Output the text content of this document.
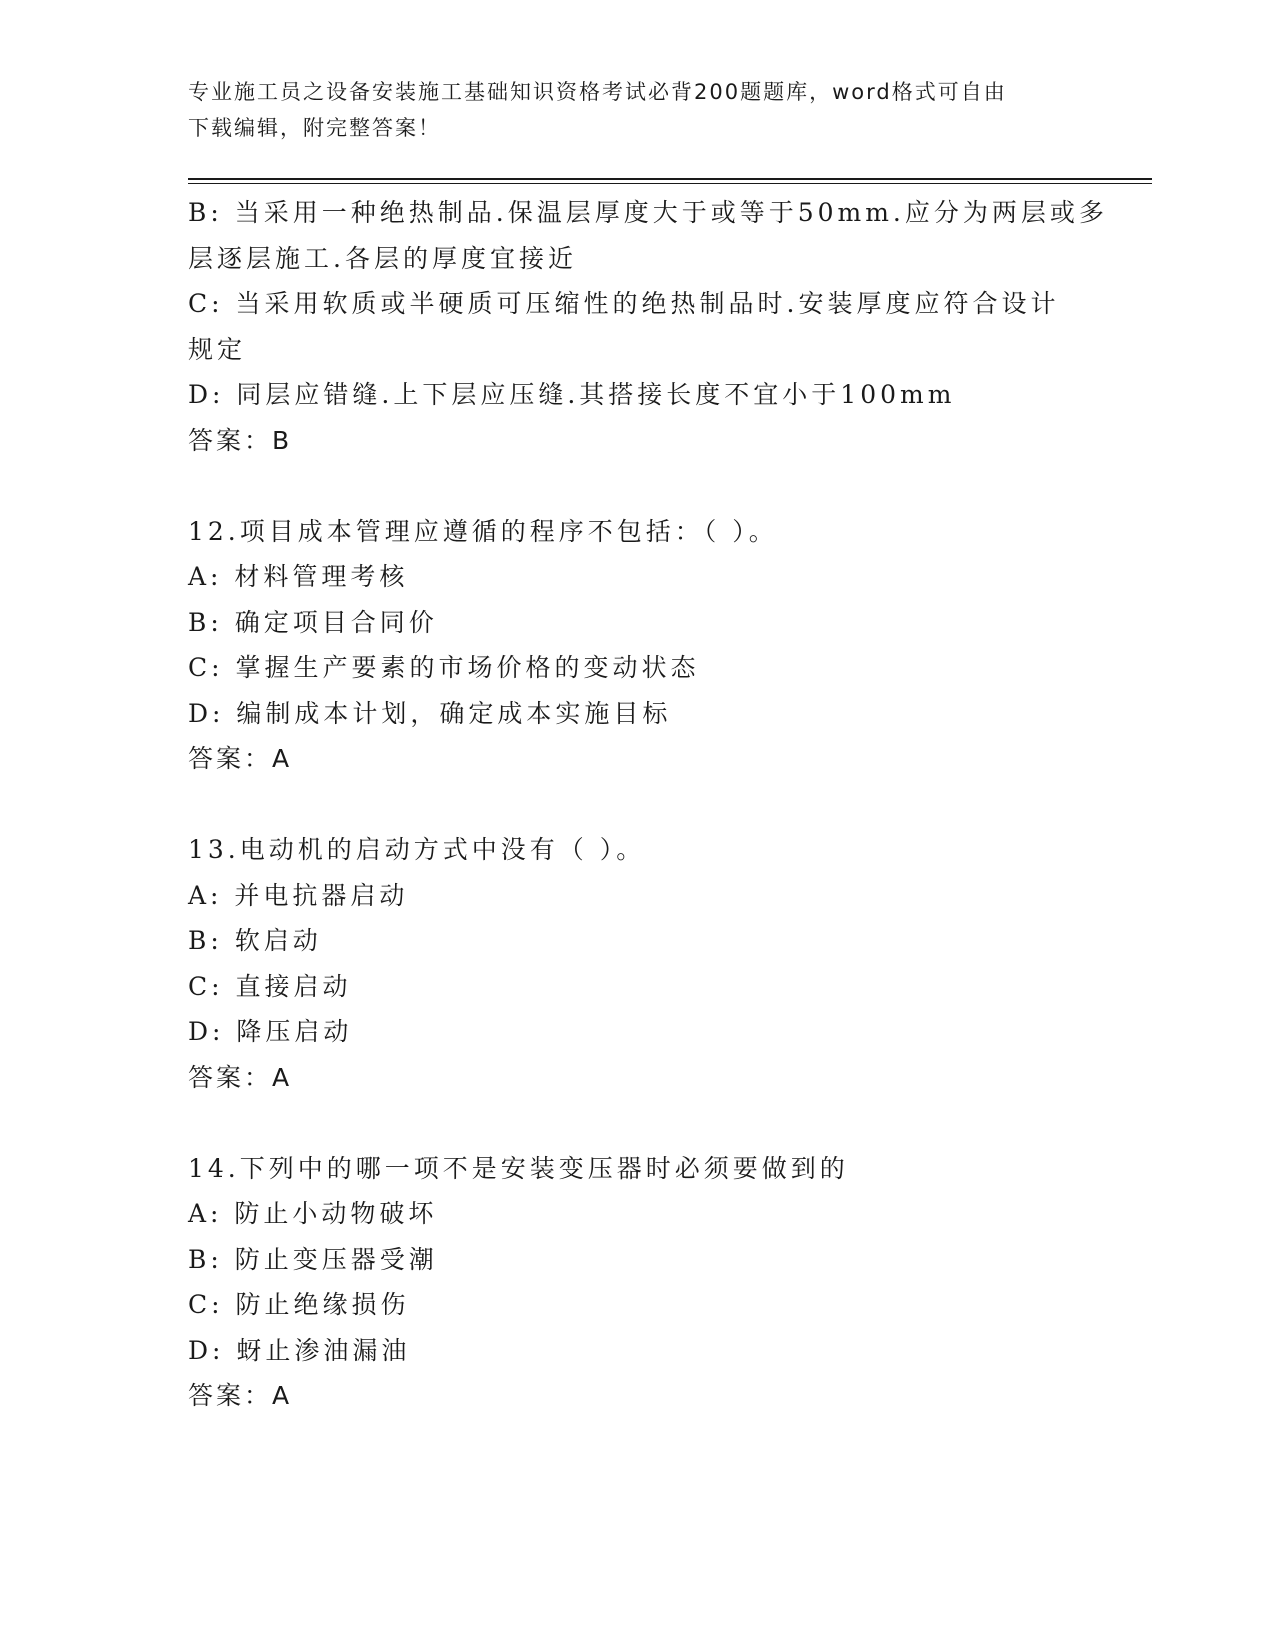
专业施工员之设备安装施工基础知识资格考试必背200题题库，word格式可自由
下载编辑，附完整答案！
B: 当采用一种绝热制品.保温层厚度大于或等于50mm.应分为两层或多
层逐层施工.各层的厚度宜接近
C: 当采用软质或半硬质可压缩性的绝热制品时.安装厚度应符合设计
规定
D: 同层应错缝.上下层应压缝.其搭接长度不宜小于100mm
答案：B
12.项目成本管理应遵循的程序不包括：（ ）。
A: 材料管理考核
B: 确定项目合同价
C: 掌握生产要素的市场价格的变动状态
D: 编制成本计划，确定成本实施目标
答案：A
13.电动机的启动方式中没有（ ）。
A: 并电抗器启动
B: 软启动
C: 直接启动
D: 降压启动
答案：A
14.下列中的哪一项不是安装变压器时必须要做到的
A: 防止小动物破坏
B: 防止变压器受潮
C: 防止绝缘损伤
D: 蚜止渗油漏油
答案：A
